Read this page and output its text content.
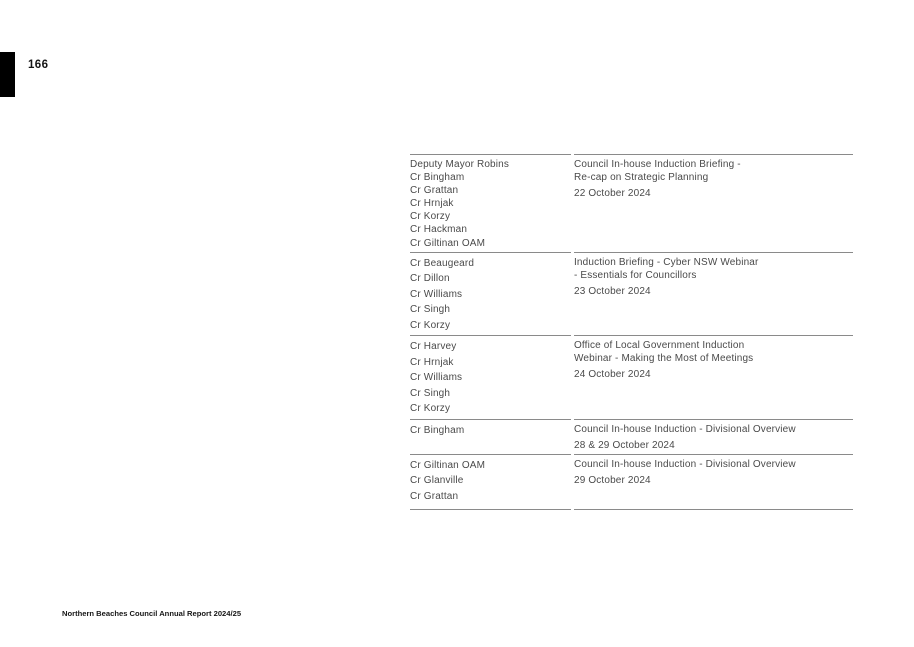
166
Deputy Mayor Robins
Cr Bingham
Cr Grattan
Cr Hrnjak
Cr Korzy
Cr Hackman
Cr Giltinan OAM
Council In-house Induction Briefing -
Re-cap on Strategic Planning
22 October 2024
Cr Beaugeard
Cr Dillon
Cr Williams
Cr Singh
Cr Korzy
Induction Briefing - Cyber NSW Webinar
- Essentials for Councillors
23 October 2024
Cr Harvey
Cr Hrnjak
Cr Williams
Cr Singh
Cr Korzy
Office of Local Government Induction
Webinar - Making the Most of Meetings
24 October 2024
Cr Bingham	Council In-house Induction - Divisional Overview
28 & 29 October 2024
Cr Giltinan OAM
Cr Glanville
Cr Grattan
Council In-house Induction - Divisional Overview
29 October 2024
Northern Beaches Council Annual Report 2024/25
